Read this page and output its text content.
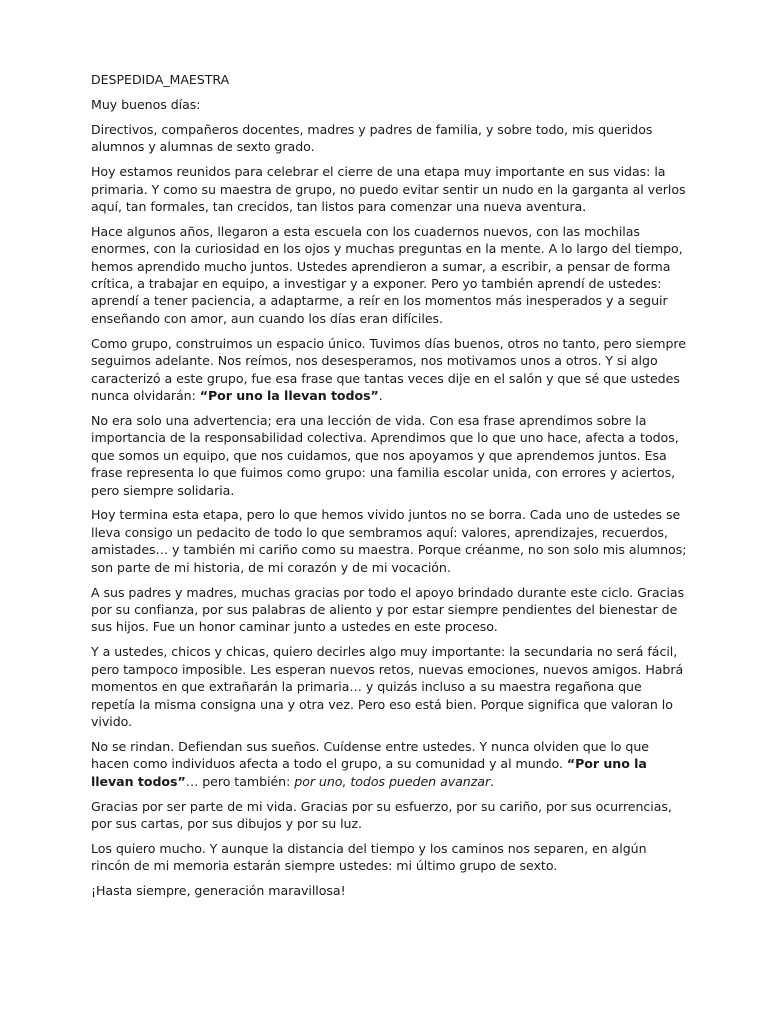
DESPEDIDA_MAESTRA

Muy buenos días:

Directivos, compañeros docentes, madres y padres de familia, y sobre todo, mis queridos alumnos y alumnas de sexto grado.

Hoy estamos reunidos para celebrar el cierre de una etapa muy importante en sus vidas: la primaria. Y como su maestra de grupo, no puedo evitar sentir un nudo en la garganta al verlos aquí, tan formales, tan crecidos, tan listos para comenzar una nueva aventura.

Hace algunos años, llegaron a esta escuela con los cuadernos nuevos, con las mochilas enormes, con la curiosidad en los ojos y muchas preguntas en la mente. A lo largo del tiempo, hemos aprendido mucho juntos. Ustedes aprendieron a sumar, a escribir, a pensar de forma crítica, a trabajar en equipo, a investigar y a exponer. Pero yo también aprendí de ustedes: aprendí a tener paciencia, a adaptarme, a reír en los momentos más inesperados y a seguir enseñando con amor, aun cuando los días eran difíciles.

Como grupo, construimos un espacio único. Tuvimos días buenos, otros no tanto, pero siempre seguimos adelante. Nos reímos, nos desesperamos, nos motivamos unos a otros. Y si algo caracterizó a este grupo, fue esa frase que tantas veces dije en el salón y que sé que ustedes nunca olvidarán: “Por uno la llevan todos”.

No era solo una advertencia; era una lección de vida. Con esa frase aprendimos sobre la importancia de la responsabilidad colectiva. Aprendimos que lo que uno hace, afecta a todos, que somos un equipo, que nos cuidamos, que nos apoyamos y que aprendemos juntos. Esa frase representa lo que fuimos como grupo: una familia escolar unida, con errores y aciertos, pero siempre solidaria.

Hoy termina esta etapa, pero lo que hemos vivido juntos no se borra. Cada uno de ustedes se lleva consigo un pedacito de todo lo que sembramos aquí: valores, aprendizajes, recuerdos, amistades… y también mi cariño como su maestra. Porque créanme, no son solo mis alumnos; son parte de mi historia, de mi corazón y de mi vocación.

A sus padres y madres, muchas gracias por todo el apoyo brindado durante este ciclo. Gracias por su confianza, por sus palabras de aliento y por estar siempre pendientes del bienestar de sus hijos. Fue un honor caminar junto a ustedes en este proceso.

Y a ustedes, chicos y chicas, quiero decirles algo muy importante: la secundaria no será fácil, pero tampoco imposible. Les esperan nuevos retos, nuevas emociones, nuevos amigos. Habrá momentos en que extrañarán la primaria… y quizás incluso a su maestra regañona que repetía la misma consigna una y otra vez. Pero eso está bien. Porque significa que valoran lo vivido.

No se rindan. Defiendan sus sueños. Cuídense entre ustedes. Y nunca olviden que lo que hacen como individuos afecta a todo el grupo, a su comunidad y al mundo. “Por uno la llevan todos”… pero también: por uno, todos pueden avanzar.

Gracias por ser parte de mi vida. Gracias por su esfuerzo, por su cariño, por sus ocurrencias, por sus cartas, por sus dibujos y por su luz.

Los quiero mucho. Y aunque la distancia del tiempo y los caminos nos separen, en algún rincón de mi memoria estarán siempre ustedes: mi último grupo de sexto.

¡Hasta siempre, generación maravillosa!
